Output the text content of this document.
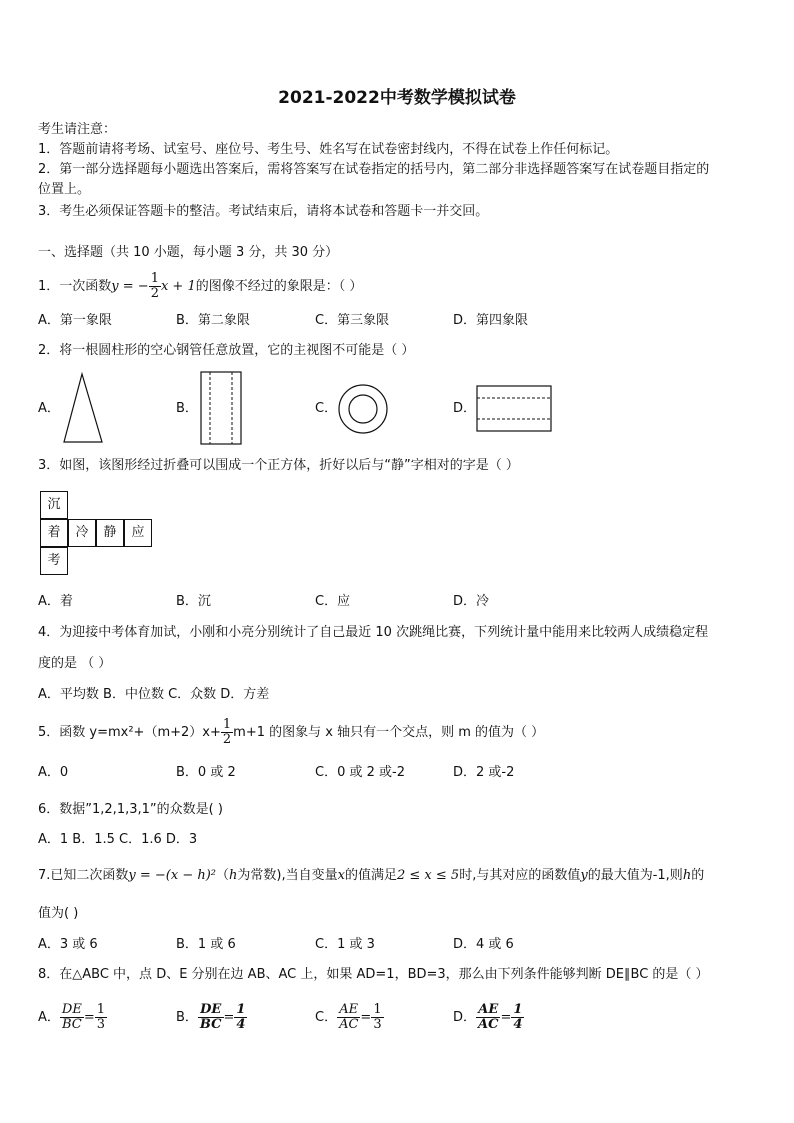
2021-2022中考数学模拟试卷
考生请注意：
1．答题前请将考场、试室号、座位号、考生号、姓名写在试卷密封线内，不得在试卷上作任何标记。
2．第一部分选择题每小题选出答案后，需将答案写在试卷指定的括号内，第二部分非选择题答案写在试卷题目指定的
位置上。
3．考生必须保证答题卡的整洁。考试结束后，请将本试卷和答题卡一并交回。
一、选择题（共 10 小题，每小题 3 分，共 30 分）
1．一次函数y = − $\frac{1}{2}$ x + 1的图像不经过的象限是：（ ）
A．第一象限	B．第二象限	C．第三象限	D．第四象限
2．将一根圆柱形的空心钢管任意放置，它的主视图不可能是（ ）
A．	B．	C．	D．
3．如图，该图形经过折叠可以围成一个正方体，折好以后与“静”字相对的字是（ ）
沉
着	冷	静	应
考
A．着	B．沉	C．应	D．冷
4．为迎接中考体育加试，小刚和小亮分别统计了自己最近 10 次跳绳比赛，下列统计量中能用来比较两人成绩稳定程
度的是 （ ）
A．平均数 B．中位数 C．众数 D．方差
5．函数 $y=mx^2+(m+2)x+ \frac{1}{2} m+1$ 的图象与 x 轴只有一个交点，则 m 的值为（ ）
A．0	B．0 或 2	C．0 或 2 或-2	D．2 或-2
6．数据”1,2,1,3,1”的众数是( )
A．1 B．1.5 C．1.6 D．3
7.已知二次函数y = −(x − h)²（h为常数),当自变量x的值满足2 ≤ x ≤ 5时,与其对应的函数值y的最大值为-1,则h的
值为( )
A．3 或 6	B．1 或 6	C．1 或 3	D．4 或 6
8．在△ABC 中，点 D、E 分别在边 AB、AC 上，如果 AD=1，BD=3，那么由下列条件能够判断 DE∥BC 的是（ ）
A． $\frac{DE}{BC} = \frac{1}{3}$	B． $\frac{DE}{BC} = \frac{1}{4}$	C． $\frac{AE}{AC} = \frac{1}{3}$	D． $\frac{AE}{AC} = \frac{1}{4}$
